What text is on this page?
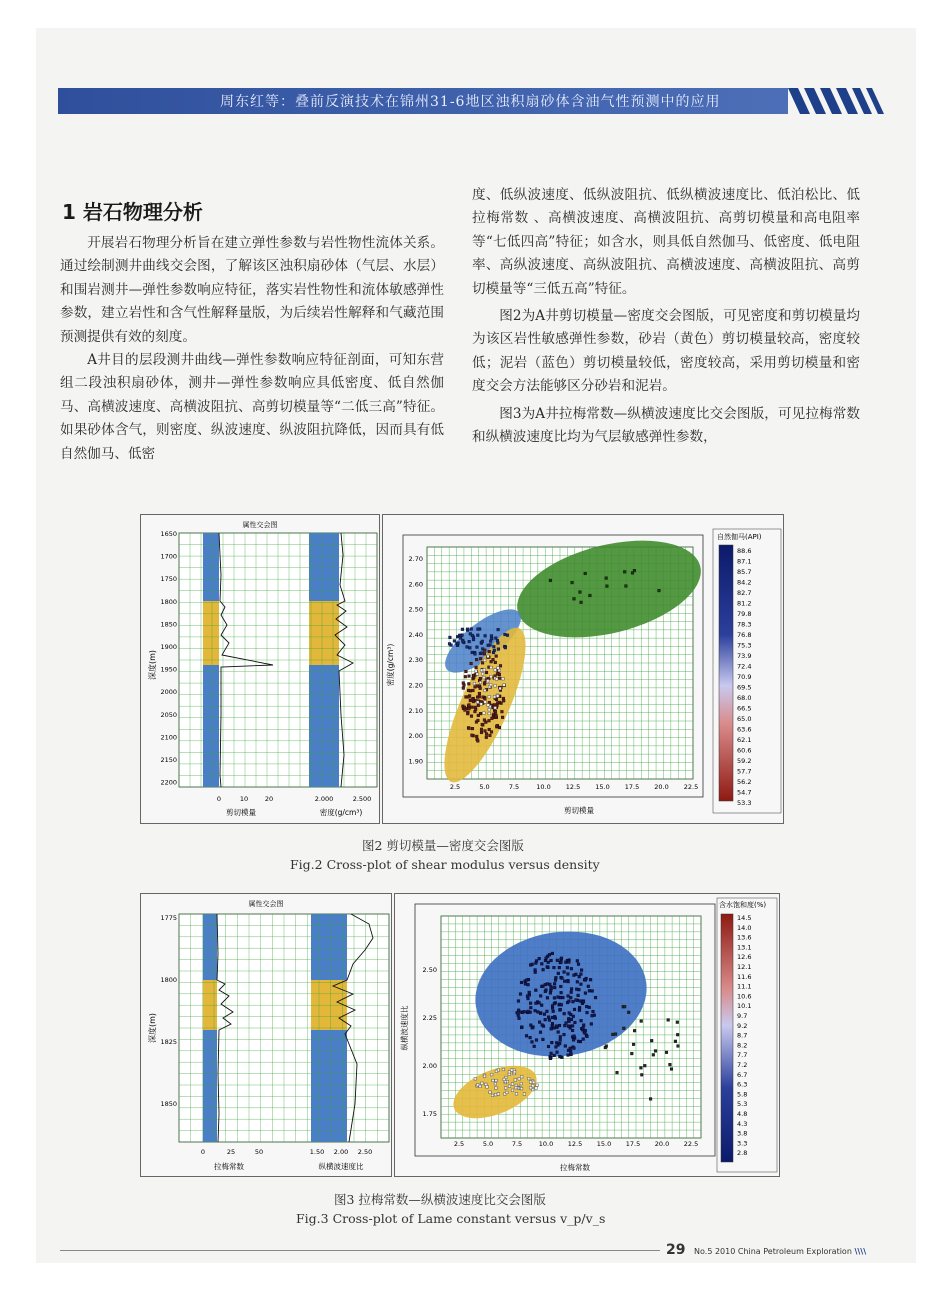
周东红等：叠前反演技术在锦州31-6地区浊积扇砂体含油气性预测中的应用
1 岩石物理分析

开展岩石物理分析旨在建立弹性参数与岩性物性流体关系。通过绘制测井曲线交会图，了解该区浊积扇砂体（气层、水层）和围岩测井—弹性参数响应特征，落实岩性物性和流体敏感弹性参数，建立岩性和含气性解释量版，为后续岩性解释和气藏范围预测提供有效的刻度。

A井目的层段测井曲线—弹性参数响应特征剖面，可知东营组二段浊积扇砂体，测井—弹性参数响应具低密度、低自然伽马、高横波速度、高横波阻抗、高剪切模量等“二低三高”特征。如果砂体含气，则密度、纵波速度、纵波阻抗降低，因而具有低自然伽马、低密

度、低纵波速度、低纵波阻抗、低纵横波速度比、低泊松比、低拉梅常数 、高横波速度、高横波阻抗、高剪切模量和高电阻率等“七低四高”特征；如含水，则具低自然伽马、低密度、低电阻率、高纵波速度、高纵波阻抗、高横波速度、高横波阻抗、高剪切模量等“三低五高”特征。

图2为A井剪切模量—密度交会图版，可见密度和剪切模量均为该区岩性敏感弹性参数，砂岩（黄色）剪切模量较高，密度较低；泥岩（蓝色）剪切模量较低，密度较高，采用剪切模量和密度交会方法能够区分砂岩和泥岩。

图3为A井拉梅常数—纵横波速度比交会图版，可见拉梅常数和纵横波速度比均为气层敏感弹性参数，

属性交会图
1650
1700
1750
1800
1850
1900
1950
2000
2050
2100
2150
2200
深度(m)
0	10	20	2.000	2.500
剪切模量	密度(g/cm³)
2.5	5.0	7.5	10.0 12.5 15.0 17.5 20.0 22.5
2.70
2.60
2.50
2.40
2.30
2.20
2.10
2.00
1.90
剪切模量
密度(g/cm³)
自然伽马(API)
88.6
87.1
85.7
84.2
82.7
81.2
79.8
78.3
76.8
75.3
73.9
72.4
70.9
69.5
68.0
66.5
65.0
63.6
62.1
60.6
59.2
57.7
56.2
54.7
53.3
图2 剪切模量—密度交会图版
Fig.2 Cross-plot of shear modulus versus density
属性交会图
1775
1800
1825
1850
深度(m)
0	25	50	1.50 2.00 2.50
拉梅常数	纵横波速度比
2.5	5.0	7.5	10.0 12.5 15.0 17.5 20.0 22.5
2.50
2.25
2.00
1.75
拉梅常数
纵横波速度比
含水饱和度(%)
14.5
14.0
13.6
13.1
12.6
12.1
11.6
11.1
10.6
10.1
9.7
9.2
8.7
8.2
7.7
7.2
6.7
6.3
5.8
5.3
4.8
4.3
3.8
3.3
2.8
图3 拉梅常数—纵横波速度比交会图版
Fig.3 Cross-plot of Lame constant versus v_p/v_s
29 No.5 2010 China Petroleum Exploration \\\\
